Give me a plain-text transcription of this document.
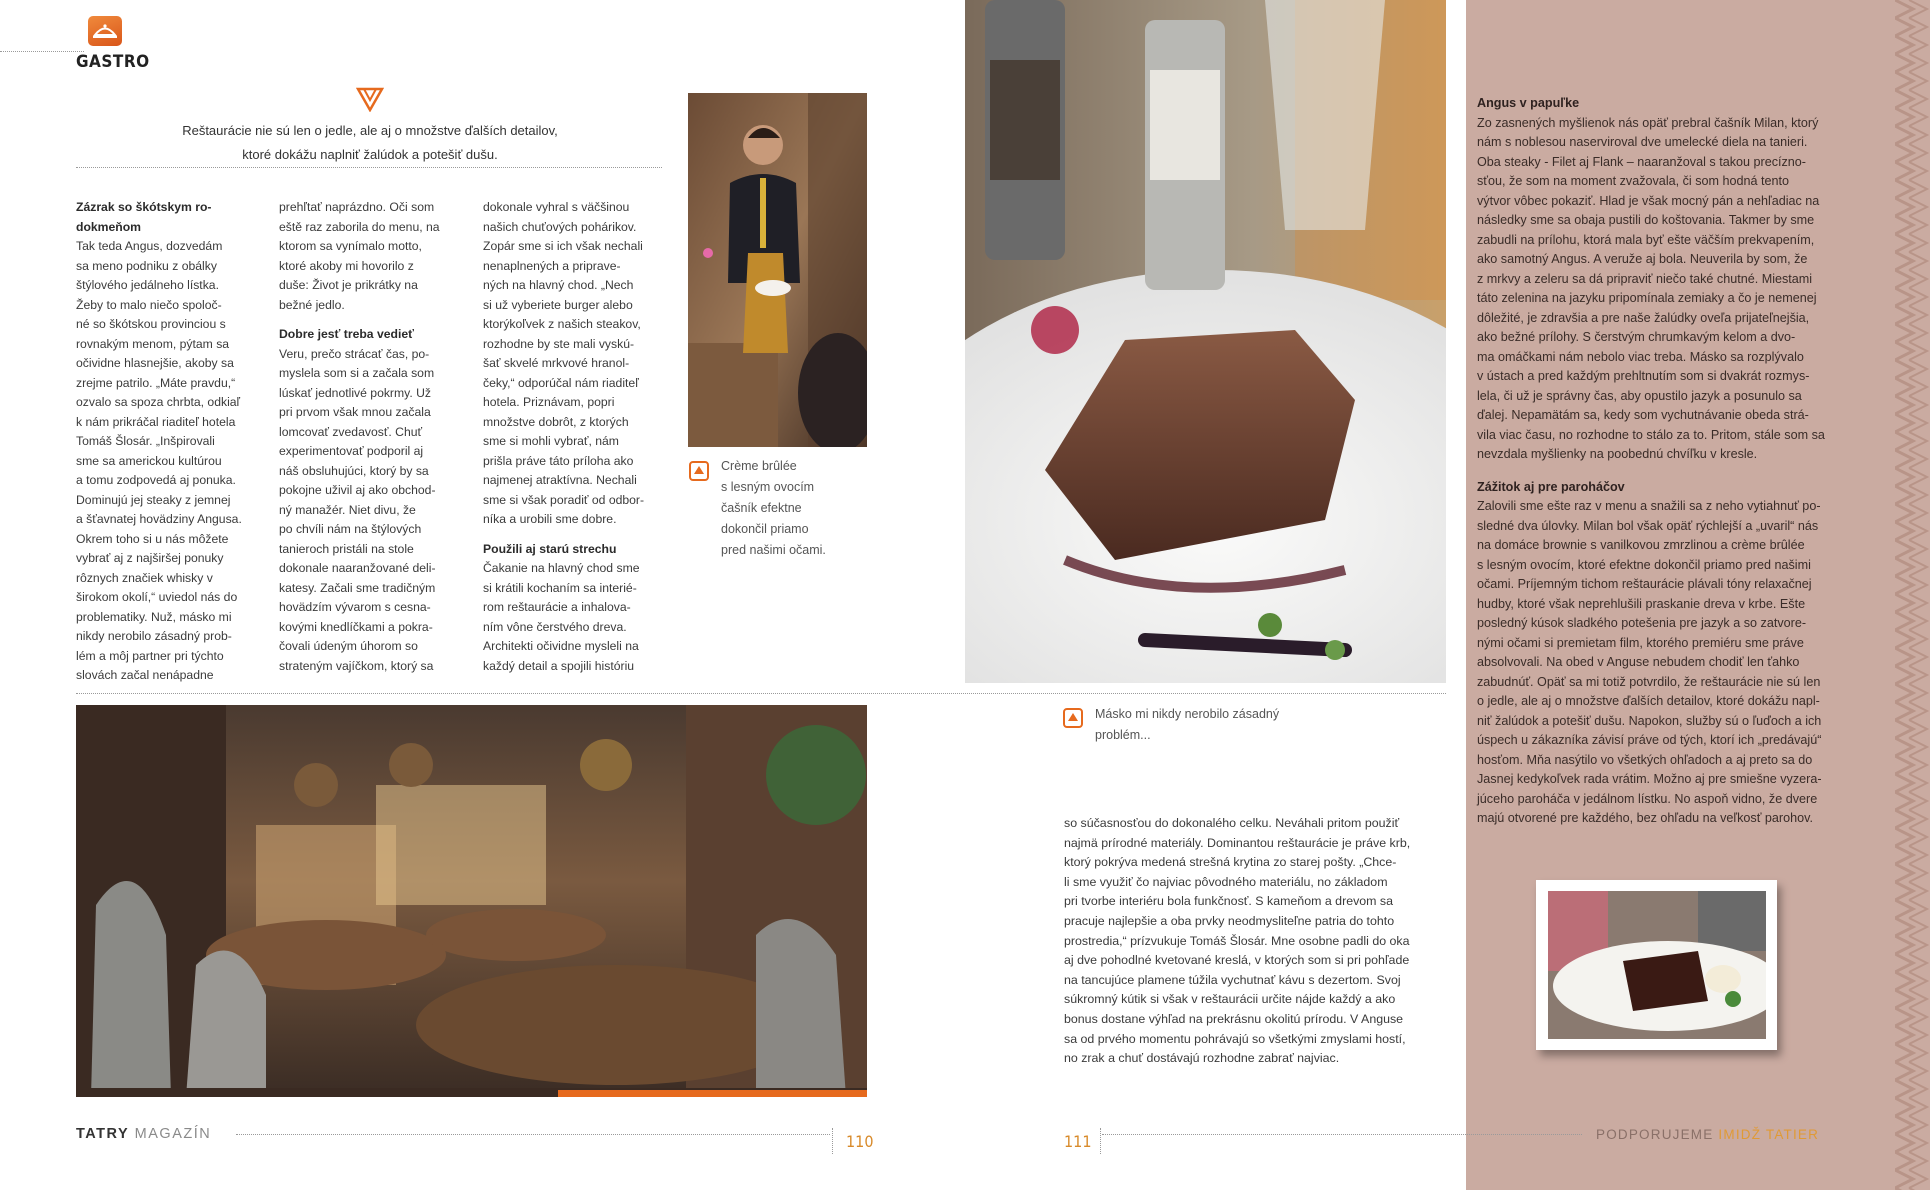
GASTRO
Reštaurácie nie sú len o jedle, ale aj o množstve ďalších detailov,
ktoré dokážu naplniť žalúdok a potešiť dušu.
Zázrak so škótskym ro-
dokmeňom
Tak teda Angus, dozvedám
sa meno podniku z obálky
štýlového jedálneho lístka.
Žeby to malo niečo spoloč-
né so škótskou provinciou s
rovnakým menom, pýtam sa
očividne hlasnejšie, akoby sa
zrejme patrilo. „Máte pravdu,“
ozvalo sa spoza chrbta, odkiaľ
k nám prikráčal riaditeľ hotela
Tomáš Šlosár. „Inšpirovali
sme sa americkou kultúrou
a tomu zodpovedá aj ponuka.
Dominujú jej steaky z jemnej
a šťavnatej hovädziny Angusa.
Okrem toho si u nás môžete
vybrať aj z najširšej ponuky
rôznych značiek whisky v
širokom okolí,“ uviedol nás do
problematiky. Nuž, másko mi
nikdy nerobilo zásadný prob-
lém a môj partner pri týchto
slovách začal nenápadne

prehľtať naprázdno. Oči som
eště raz zaborila do menu, na
ktorom sa vynímalo motto,
ktoré akoby mi hovorilo z
duše: Život je prikrátky na
bežné jedlo.

Dobre jesť treba vedieť
Veru, prečo strácať čas, po-
myslela som si a začala som
lúskať jednotlivé pokrmy. Už
pri prvom však mnou začala
lomcovať zvedavosť. Chuť
experimentovať podporil aj
náš obsluhujúci, ktorý by sa
pokojne uživil aj ako obchod-
ný manažér. Niet divu, že
po chvíli nám na štýlových
tanieroch pristáli na stole
dokonale naaranžované deli-
katesy. Začali sme tradičným
hovädzím vývarom s cesna-
kovými knedlíčkami a pokra-
čovali údeným úhorom so
strateným vajíčkom, ktorý sa

dokonale vyhral s väčšinou
našich chuťových pohárikov.
Zopár sme si ich však nechali
nenaplnených a priprave-
ných na hlavný chod. „Nech
si už vyberiete burger alebo
ktorýkoľvek z našich steakov,
rozhodne by ste mali vyskú-
šať skvelé mrkvové hranol-
čeky,“ odporúčal nám riaditeľ
hotela. Priznávam, popri
množstve dobrôt, z ktorých
sme si mohli vybrať, nám
prišla práve táto príloha ako
najmenej atraktívna. Nechali
sme si však poradiť od odbor-
níka a urobili sme dobre.

Použili aj starú strechu
Čakanie na hlavný chod sme
si krátili kochaním sa interié-
rom reštaurácie a inhalova-
ním vône čerstvého dreva.
Architekti očividne mysleli na
každý detail a spojili históriu
Crème brûlée
s lesným ovocím
čašník efektne
dokončil priamo
pred našimi očami.
Másko mi nikdy nerobilo zásadný
problém...
so súčasnosťou do dokonalého celku. Neváhali pritom použiť
najmä prírodné materiály. Dominantou reštaurácie je práve krb,
ktorý pokrýva medená strešná krytina zo starej pošty. „Chce-
li sme využiť čo najviac pôvodného materiálu, no základom
pri tvorbe interiéru bola funkčnosť. S kameňom a drevom sa
pracuje najlepšie a oba prvky neodmysliteľne patria do tohto
prostredia,“ prízvukuje Tomáš Šlosár. Mne osobne padli do oka
aj dve pohodlné kvetované kreslá, v ktorých som si pri pohľade
na tancujúce plamene túžila vychutnať kávu s dezertom. Svoj
súkromný kútik si však v reštaurácii určite nájde každý a ako
bonus dostane výhľad na prekrásnu okolitú prírodu. V Anguse
sa od prvého momentu pohrávajú so všetkými zmyslami hostí,
no zrak a chuť dostávajú rozhodne zabrať najviac.
Angus v papuľke

Zo zasnených myšlienok nás opäť prebral čašník Milan, ktorý
nám s noblesou naserviroval dve umelecké diela na tanieri.
Oba steaky - Filet aj Flank – naaranžoval s takou precízno-
sťou, že som na moment zvažovala, či som hodná tento
výtvor vôbec pokaziť. Hlad je však mocný pán a nehľadiac na
následky sme sa obaja pustili do koštovania. Takmer by sme
zabudli na prílohu, ktorá mala byť ešte väčším prekvapením,
ako samotný Angus. A veruže aj bola. Neuverila by som, že
z mrkvy a zeleru sa dá pripraviť niečo také chutné. Miestami
táto zelenina na jazyku pripomínala zemiaky a čo je nemenej
dôležité, je zdravšia a pre naše žalúdky oveľa prijateľnejšia,
ako bežné prílohy. S čerstvým chrumkavým kelom a dvo-
ma omáčkami nám nebolo viac treba. Másko sa rozplývalo
v ústach a pred každým prehltnutím som si dvakrát rozmys-
lela, či už je správny čas, aby opustilo jazyk a posunulo sa
ďalej. Nepamätám sa, kedy som vychutnávanie obeda strá-
vila viac času, no rozhodne to stálo za to. Pritom, stále som sa
nevzdala myšlienky na poobednú chvíľku v kresle.

Zážitok aj pre paroháčov
Zalovili sme ešte raz v menu a snažili sa z neho vytiahnuť po-
sledné dva úlovky. Milan bol však opäť rýchlejší a „uvaril“ nás
na domáce brownie s vanilkovou zmrzlinou a crème brûlée
s lesným ovocím, ktoré efektne dokončil priamo pred našimi
očami. Príjemným tichom reštaurácie plávali tóny relaxačnej
hudby, ktoré však neprehlušili praskanie dreva v krbe. Ešte
posledný kúsok sladkého potešenia pre jazyk a so zatvore-
nými očami si premietam film, ktorého premiéru sme práve
absolvovali. Na obed v Anguse nebudem chodiť len ťahko
zabudnúť. Opäť sa mi totiž potvrdilo, že reštaurácie nie sú len
o jedle, ale aj o množstve ďalších detailov, ktoré dokážu napl-
niť žalúdok a potešiť dušu. Napokon, služby sú o ľuďoch a ich
úspech u zákazníka závisí práve od tých, ktorí ich „predávajú“
hosťom. Mňa nasýtilo vo všetkých ohľadoch a aj preto sa do
Jasnej kedykoľvek rada vrátim. Možno aj pre smiešne vyzera-
júceho paroháča v jedálnom lístku. No aspoň vidno, že dvere
majú otvorené pre každého, bez ohľadu na veľkosť parohov.
TATRY MAGAZÍN	110	111	PODPORUJEME IMIDŽ TATIER
